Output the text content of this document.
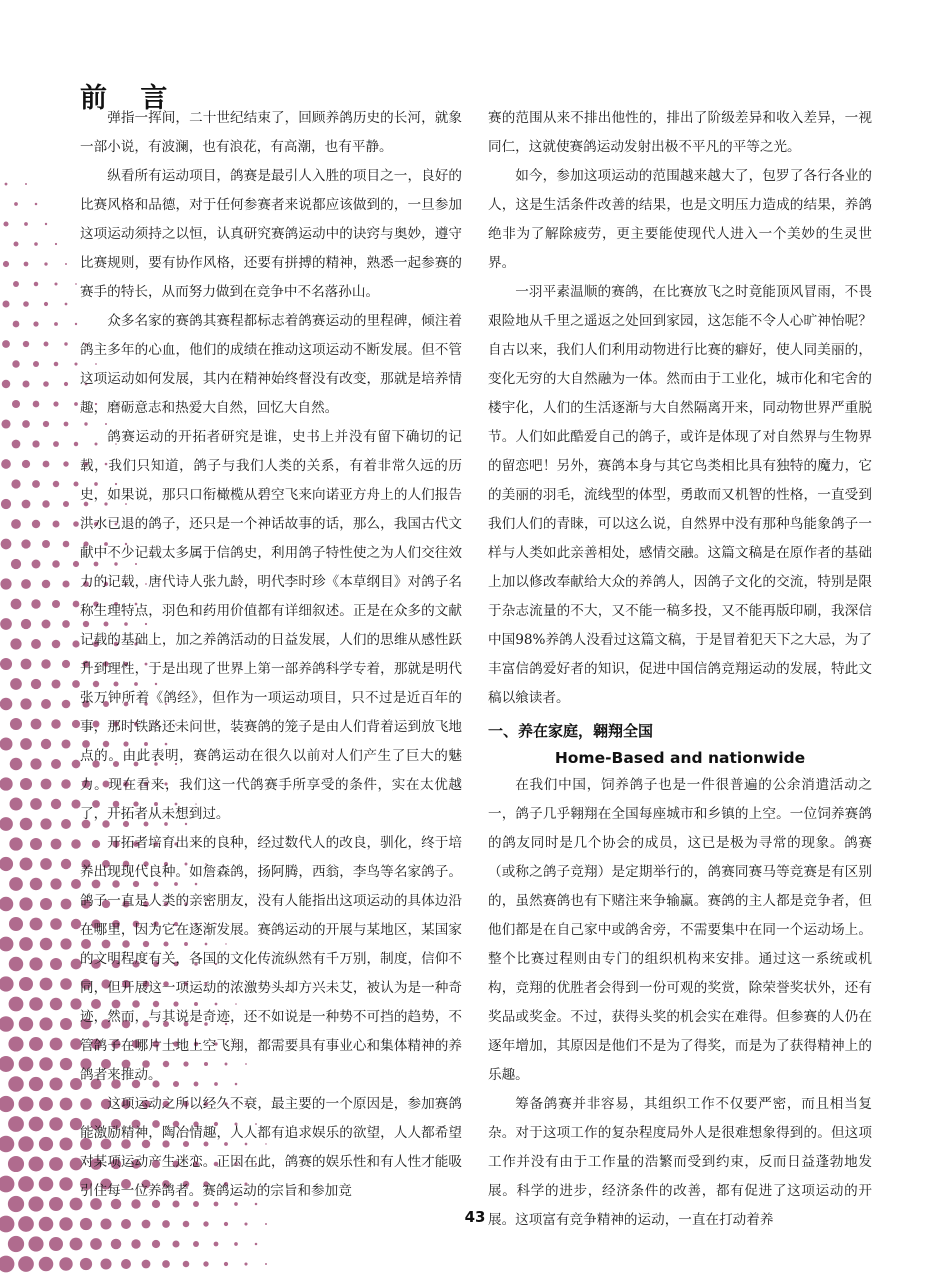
前 言

弹指一挥间，二十世纪结束了，回顾养鸽历史的长河，就象一部小说，有波澜，也有浪花，有高潮，也有平静。

纵看所有运动项目，鸽赛是最引人入胜的项目之一，良好的比赛风格和品德，对于任何参赛者来说都应该做到的，一旦参加这项运动须持之以恒，认真研究赛鸽运动中的诀窍与奥妙，遵守比赛规则，要有协作风格，还要有拼搏的精神，熟悉一起参赛的赛手的特长，从而努力做到在竞争中不名落孙山。

众多名家的赛鸽其赛程都标志着鸽赛运动的里程碑，倾注着鸽主多年的心血，他们的成绩在推动这项运动不断发展。但不管这项运动如何发展，其内在精神始终督没有改变，那就是培养情趣，磨砺意志和热爱大自然，回忆大自然。

鸽赛运动的开拓者研究是谁，史书上并没有留下确切的记载，我们只知道，鸽子与我们人类的关系，有着非常久远的历史，如果说，那只口衔橄榄从碧空飞来向诺亚方舟上的人们报告洪水已退的鸽子，还只是一个神话故事的话，那么，我国古代文献中不少记载太多属于信鸽史，利用鸽子特性使之为人们交往效力的记载，唐代诗人张九龄，明代李时珍《本草纲目》对鸽子名称生理特点，羽色和药用价值都有详细叙述。正是在众多的文献记载的基础上，加之养鸽活动的日益发展，人们的思维从感性跃升到理性，于是出现了世界上第一部养鸽科学专着，那就是明代张万钟所着《鸽经》，但作为一项运动项目，只不过是近百年的事，那时铁路还未问世，装赛鸽的笼子是由人们背着运到放飞地点的。由此表明，赛鸽运动在很久以前对人们产生了巨大的魅力。现在看来，我们这一代鸽赛手所享受的条件，实在太优越了，开拓者从未想到过。

开拓者培育出来的良种，经过数代人的改良，驯化，终于培养出现现代良种。如詹森鸽，扬阿腾，西翁，李鸟等名家鸽子。鸽子一直是人类的亲密朋友，没有人能指出这项运动的具体边沿在哪里，因为它在逐渐发展。赛鸽运动的开展与某地区，某国家的文明程度有关，各国的文化传流纵然有千万别，制度，信仰不同，但开展这一项运动的浓激势头却方兴未艾，被认为是一种奇迹，然而，与其说是奇迹，还不如说是一种势不可挡的趋势，不管鸽子在哪片土地上空飞翔，都需要具有事业心和集体精神的养鸽者来推动。

这项运动之所以经久不衰，最主要的一个原因是，参加赛鸽能激励精神，陶冶情趣，人人都有追求娱乐的欲望，人人都希望对某项运动产生迷恋。正因在此，鸽赛的娱乐性和有人性才能吸引住每一位养鸽者。赛鸽运动的宗旨和参加竞

赛的范围从来不排出他性的，排出了阶级差异和收入差异，一视同仁，这就使赛鸽运动发射出极不平凡的平等之光。

如今，参加这项运动的范围越来越大了，包罗了各行各业的人，这是生活条件改善的结果，也是文明压力造成的结果，养鸽绝非为了解除疲劳，更主要能使现代人进入一个美妙的生灵世界。

一羽平素温顺的赛鸽，在比赛放飞之时竟能顶风冒雨，不畏艰险地从千里之遥返之处回到家园，这怎能不令人心旷神怡呢？自古以来，我们人们利用动物进行比赛的癖好，使人同美丽的，变化无穷的大自然融为一体。然而由于工业化，城市化和宅舍的楼宇化，人们的生活逐渐与大自然隔离开来，同动物世界严重脱节。人们如此酷爱自己的鸽子，或许是体现了对自然界与生物界的留恋吧！另外，赛鸽本身与其它鸟类相比具有独特的魔力，它的美丽的羽毛，流线型的体型，勇敢而又机智的性格，一直受到我们人们的青睐，可以这么说，自然界中没有那种鸟能象鸽子一样与人类如此亲善相处，感情交融。这篇文稿是在原作者的基础上加以修改奉献给大众的养鸽人，因鸽子文化的交流，特别是限于杂志流量的不大，又不能一稿多投，又不能再版印刷，我深信中国98%养鸽人没看过这篇文稿，于是冒着犯天下之大忌，为了丰富信鸽爱好者的知识，促进中国信鸽竞翔运动的发展，特此文稿以飨读者。

一、养在家庭，翱翔全国
Home-Based and nationwide

在我们中国，饲养鸽子也是一件很普遍的公余消遣活动之一，鸽子几乎翱翔在全国每座城市和乡镇的上空。一位饲养赛鸽的鸽友同时是几个协会的成员，这已是极为寻常的现象。鸽赛（或称之鸽子竞翔）是定期举行的，鸽赛同赛马等竞赛是有区别的，虽然赛鸽也有下赌注来争输赢。赛鸽的主人都是竞争者，但他们都是在自己家中或鸽舍旁，不需要集中在同一个运动场上。整个比赛过程则由专门的组织机构来安排。通过这一系统或机构，竞翔的优胜者会得到一份可观的奖赏，除荣誉奖状外，还有奖品或奖金。不过，获得头奖的机会实在难得。但参赛的人仍在逐年增加，其原因是他们不是为了得奖，而是为了获得精神上的乐趣。

筹备鸽赛并非容易，其组织工作不仅要严密，而且相当复杂。对于这项工作的复杂程度局外人是很难想象得到的。但这项工作并没有由于工作量的浩繁而受到约束，反而日益蓬勃地发展。科学的进步，经济条件的改善，都有促进了这项运动的开展。这项富有竞争精神的运动，一直在打动着养

43
